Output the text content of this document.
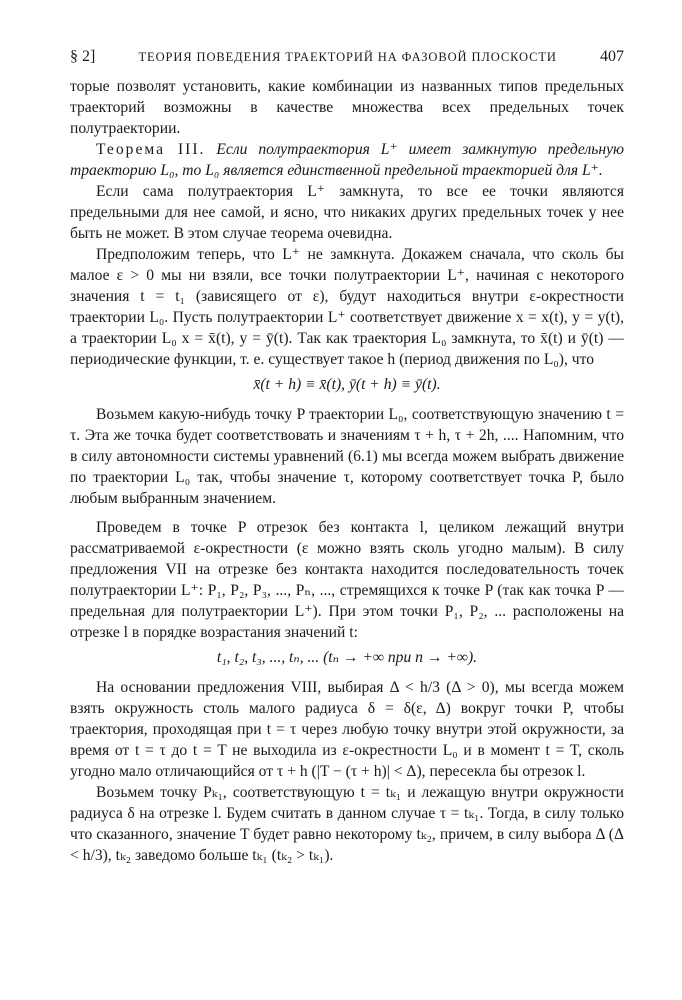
§ 2]	ТЕОРИЯ ПОВЕДЕНИЯ ТРАЕКТОРИЙ НА ФАЗОВОЙ ПЛОСКОСТИ	407

торые позволят установить, какие комбинации из названных типов предельных траекторий возможны в качестве множества всех предельных точек полутраектории.

Теорема III. Если полутраектория L⁺ имеет замкнутую предельную траекторию L₀, то L₀ является единственной предельной траекторией для L⁺.

Если сама полутраектория L⁺ замкнута, то все ее точки являются предельными для нее самой, и ясно, что никаких других предельных точек у нее быть не может. В этом случае теорема очевидна.

Предположим теперь, что L⁺ не замкнута. Докажем сначала, что сколь бы малое ε > 0 мы ни взяли, все точки полутраектории L⁺, начиная с некоторого значения t = t₁ (зависящего от ε), будут находиться внутри ε-окрестности траектории L₀. Пусть полутраектории L⁺ соответствует движение x = x(t), y = y(t), а траектории L₀ x = x̄(t), y = ȳ(t). Так как траектория L₀ замкнута, то x̄(t) и ȳ(t) — периодические функции, т. е. существует такое h (период движения по L₀), что

x̄(t + h) ≡ x̄(t), ȳ(t + h) ≡ ȳ(t).

Возьмем какую-нибудь точку P траектории L₀, соответствующую значению t = τ. Эта же точка будет соответствовать и значениям τ + h, τ + 2h, .... Напомним, что в силу автономности системы уравнений (6.1) мы всегда можем выбрать движение по траектории L₀ так, чтобы значение τ, которому соответствует точка P, было любым выбранным значением.

Проведем в точке P отрезок без контакта l, целиком лежащий внутри рассматриваемой ε-окрестности (ε можно взять сколь угодно малым). В силу предложения VII на отрезке без контакта находится последовательность точек полутраектории L⁺: P₁, P₂, P₃, ..., Pₙ, ..., стремящихся к точке P (так как точка P — предельная для полутраектории L⁺). При этом точки P₁, P₂, ... расположены на отрезке l в порядке возрастания значений t:

t₁, t₂, t₃, ..., tₙ, ... (tₙ → +∞ при n → +∞).

На основании предложения VIII, выбирая Δ < h/3 (Δ > 0), мы всегда можем взять окружность столь малого радиуса δ = δ(ε, Δ) вокруг точки P, чтобы траектория, проходящая при t = τ через любую точку внутри этой окружности, за время от t = τ до t = T не выходила из ε-окрестности L₀ и в момент t = T, сколь угодно мало отличающийся от τ + h (|T − (τ + h)| < Δ), пересекла бы отрезок l.

Возьмем точку Pₖ₁, соответствующую t = tₖ₁ и лежащую внутри окружности радиуса δ на отрезке l. Будем считать в данном случае τ = tₖ₁. Тогда, в силу только что сказанного, значение T будет равно некоторому tₖ₂, причем, в силу выбора Δ (Δ < h/3), tₖ₂ заведомо больше tₖ₁ (tₖ₂ > tₖ₁).
